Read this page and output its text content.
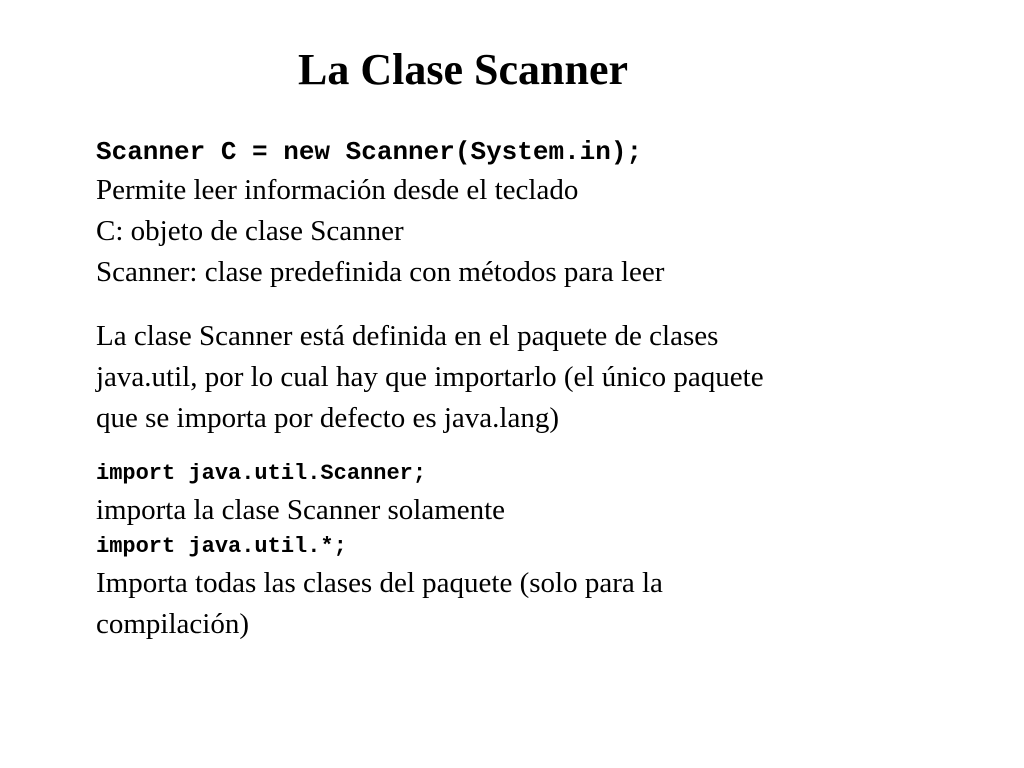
La Clase Scanner
Scanner C = new Scanner(System.in);
Permite leer información desde el teclado
C: objeto de clase Scanner
Scanner: clase predefinida con métodos para leer
La clase Scanner está definida en el paquete de clases
java.util, por lo cual hay que importarlo (el único paquete
que se importa por defecto es java.lang)
import java.util.Scanner;
importa la clase Scanner solamente
import java.util.*;
Importa todas las clases del paquete (solo para la
compilación)
